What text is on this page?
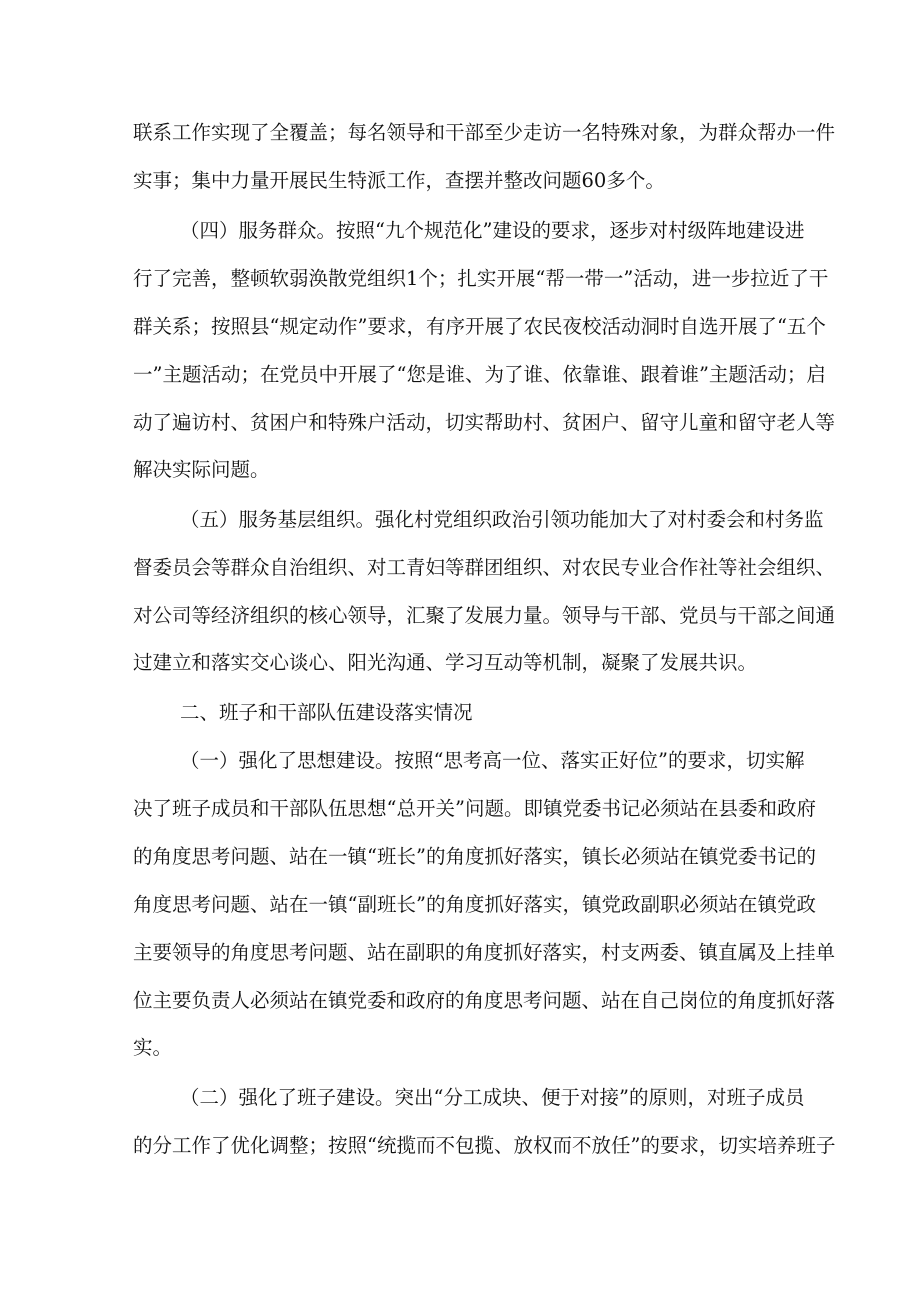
联系工作实现了全覆盖；每名领导和干部至少走访一名特殊对象，为群众帮办一件
实事；集中力量开展民生特派工作，查摆并整改问题60多个。
（四）服务群众。按照“九个规范化”建设的要求，逐步对村级阵地建设进
行了完善，整顿软弱涣散党组织1个；扎实开展“帮一带一”活动，进一步拉近了干
群关系；按照县“规定动作”要求，有序开展了农民夜校活动洞时自选开展了“五个
一”主题活动；在党员中开展了“您是谁、为了谁、依靠谁、跟着谁”主题活动；启
动了遍访村、贫困户和特殊户活动，切实帮助村、贫困户、留守儿童和留守老人等
解决实际问题。
（五）服务基层组织。强化村党组织政治引领功能加大了对村委会和村务监
督委员会等群众自治组织、对工青妇等群团组织、对农民专业合作社等社会组织、
对公司等经济组织的核心领导，汇聚了发展力量。领导与干部、党员与干部之间通
过建立和落实交心谈心、阳光沟通、学习互动等机制，凝聚了发展共识。
二、班子和干部队伍建设落实情况
（一）强化了思想建设。按照“思考高一位、落实正好位”的要求，切实解
决了班子成员和干部队伍思想“总开关”问题。即镇党委书记必须站在县委和政府
的角度思考问题、站在一镇“班长”的角度抓好落实，镇长必须站在镇党委书记的
角度思考问题、站在一镇“副班长”的角度抓好落实，镇党政副职必须站在镇党政
主要领导的角度思考问题、站在副职的角度抓好落实，村支两委、镇直属及上挂单
位主要负责人必须站在镇党委和政府的角度思考问题、站在自己岗位的角度抓好落
实。
（二）强化了班子建设。突出“分工成块、便于对接”的原则，对班子成员
的分工作了优化调整；按照“统揽而不包揽、放权而不放任”的要求，切实培养班子
